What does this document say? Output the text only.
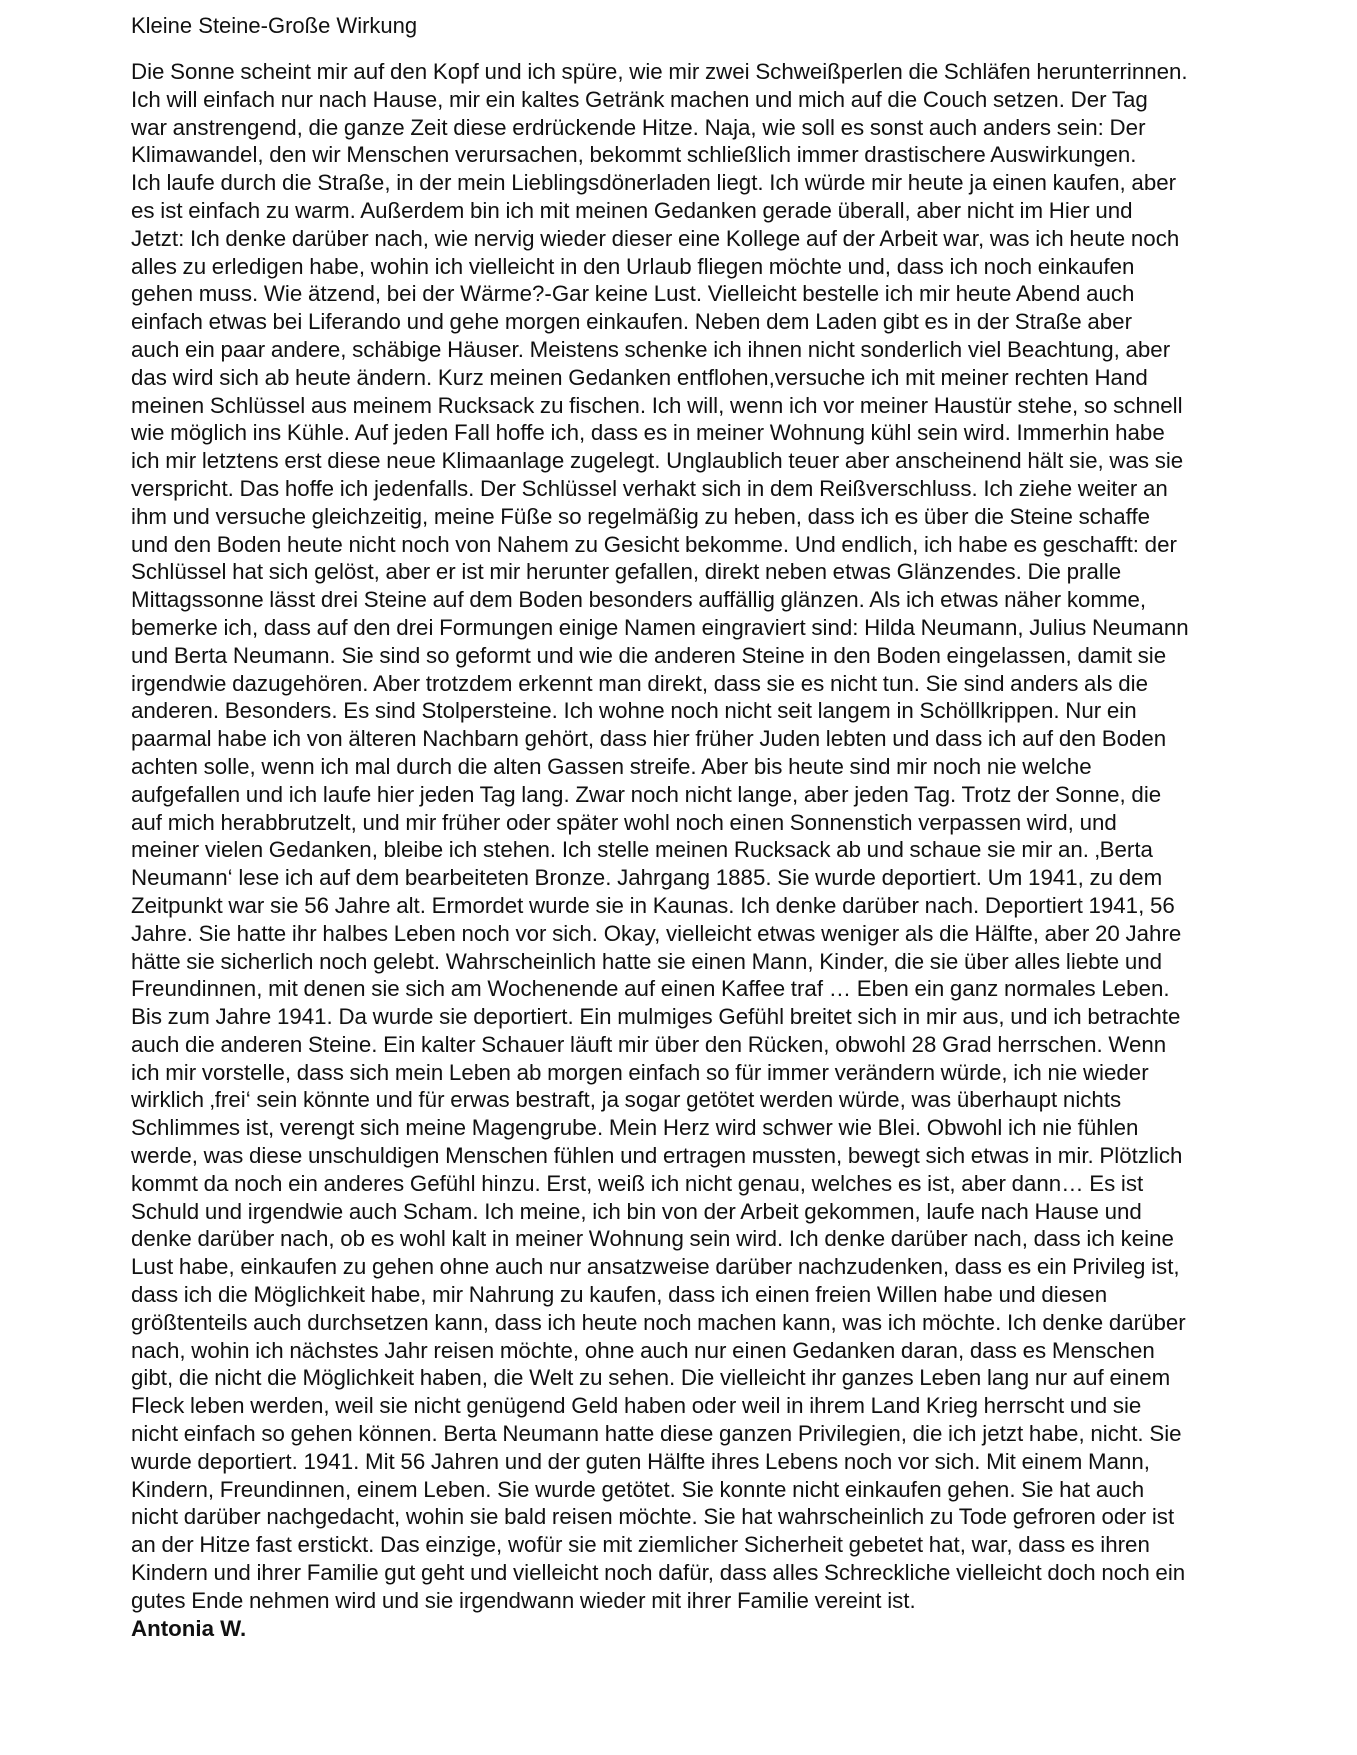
Kleine Steine-Große Wirkung
Die Sonne scheint mir auf den Kopf und ich spüre, wie mir zwei Schweißperlen die Schläfen herunterrinnen.
Ich will einfach nur nach Hause, mir ein kaltes Getränk machen und mich auf die Couch setzen. Der Tag
war anstrengend, die ganze Zeit diese erdrückende Hitze. Naja, wie soll es sonst auch anders sein: Der
Klimawandel, den wir Menschen verursachen, bekommt schließlich immer drastischere Auswirkungen.
Ich laufe durch die Straße, in der mein Lieblingsdönerladen liegt. Ich würde mir heute ja einen kaufen, aber
es ist einfach zu warm. Außerdem bin ich mit meinen Gedanken gerade überall, aber nicht im Hier und
Jetzt: Ich denke darüber nach, wie nervig wieder dieser eine Kollege auf der Arbeit war, was ich heute noch
alles zu erledigen habe, wohin ich vielleicht in den Urlaub fliegen möchte und, dass ich noch einkaufen
gehen muss. Wie ätzend, bei der Wärme?-Gar keine Lust. Vielleicht bestelle ich mir heute Abend auch
einfach etwas bei Liferando und gehe morgen einkaufen. Neben dem Laden gibt es in der Straße aber
auch ein paar andere, schäbige Häuser. Meistens schenke ich ihnen nicht sonderlich viel Beachtung, aber
das wird sich ab heute ändern. Kurz meinen Gedanken entflohen,versuche ich mit meiner rechten Hand
meinen Schlüssel aus meinem Rucksack zu fischen. Ich will, wenn ich vor meiner Haustür stehe, so schnell
wie möglich ins Kühle. Auf jeden Fall hoffe ich, dass es in meiner Wohnung kühl sein wird. Immerhin habe
ich mir letztens erst diese neue Klimaanlage zugelegt. Unglaublich teuer aber anscheinend hält sie, was sie
verspricht. Das hoffe ich jedenfalls. Der Schlüssel verhakt sich in dem Reißverschluss. Ich ziehe weiter an
ihm und versuche gleichzeitig, meine Füße so regelmäßig zu heben, dass ich es über die Steine schaffe
und den Boden heute nicht noch von Nahem zu Gesicht bekomme. Und endlich, ich habe es geschafft: der
Schlüssel hat sich gelöst, aber er ist mir herunter gefallen, direkt neben etwas Glänzendes. Die pralle
Mittagssonne lässt drei Steine auf dem Boden besonders auffällig glänzen. Als ich etwas näher komme,
bemerke ich, dass auf den drei Formungen einige Namen eingraviert sind: Hilda Neumann, Julius Neumann
und Berta Neumann. Sie sind so geformt und wie die anderen Steine in den Boden eingelassen, damit sie
irgendwie dazugehören. Aber trotzdem erkennt man direkt, dass sie es nicht tun. Sie sind anders als die
anderen. Besonders. Es sind Stolpersteine. Ich wohne noch nicht seit langem in Schöllkrippen. Nur ein
paarmal habe ich von älteren Nachbarn gehört, dass hier früher Juden lebten und dass ich auf den Boden
achten solle, wenn ich mal durch die alten Gassen streife. Aber bis heute sind mir noch nie welche
aufgefallen und ich laufe hier jeden Tag lang. Zwar noch nicht lange, aber jeden Tag. Trotz der Sonne, die
auf mich herabbrutzelt, und mir früher oder später wohl noch einen Sonnenstich verpassen wird, und
meiner vielen Gedanken, bleibe ich stehen. Ich stelle meinen Rucksack ab und schaue sie mir an. ‚Berta
Neumann‘ lese ich auf dem bearbeiteten Bronze. Jahrgang 1885. Sie wurde deportiert. Um 1941, zu dem
Zeitpunkt war sie 56 Jahre alt. Ermordet wurde sie in Kaunas. Ich denke darüber nach. Deportiert 1941, 56
Jahre. Sie hatte ihr halbes Leben noch vor sich. Okay, vielleicht etwas weniger als die Hälfte, aber 20 Jahre
hätte sie sicherlich noch gelebt. Wahrscheinlich hatte sie einen Mann, Kinder, die sie über alles liebte und
Freundinnen, mit denen sie sich am Wochenende auf einen Kaffee traf … Eben ein ganz normales Leben.
Bis zum Jahre 1941. Da wurde sie deportiert. Ein mulmiges Gefühl breitet sich in mir aus, und ich betrachte
auch die anderen Steine. Ein kalter Schauer läuft mir über den Rücken, obwohl 28 Grad herrschen. Wenn
ich mir vorstelle, dass sich mein Leben ab morgen einfach so für immer verändern würde, ich nie wieder
wirklich ‚frei‘ sein könnte und für erwas bestraft, ja sogar getötet werden würde, was überhaupt nichts
Schlimmes ist, verengt sich meine Magengrube. Mein Herz wird schwer wie Blei. Obwohl ich nie fühlen
werde, was diese unschuldigen Menschen fühlen und ertragen mussten, bewegt sich etwas in mir. Plötzlich
kommt da noch ein anderes Gefühl hinzu. Erst, weiß ich nicht genau, welches es ist, aber dann… Es ist
Schuld und irgendwie auch Scham. Ich meine, ich bin von der Arbeit gekommen, laufe nach Hause und
denke darüber nach, ob es wohl kalt in meiner Wohnung sein wird. Ich denke darüber nach, dass ich keine
Lust habe, einkaufen zu gehen ohne auch nur ansatzweise darüber nachzudenken, dass es ein Privileg ist,
dass ich die Möglichkeit habe, mir Nahrung zu kaufen, dass ich einen freien Willen habe und diesen
größtenteils auch durchsetzen kann, dass ich heute noch machen kann, was ich möchte. Ich denke darüber
nach, wohin ich nächstes Jahr reisen möchte, ohne auch nur einen Gedanken daran, dass es Menschen
gibt, die nicht die Möglichkeit haben, die Welt zu sehen. Die vielleicht ihr ganzes Leben lang nur auf einem
Fleck leben werden, weil sie nicht genügend Geld haben oder weil in ihrem Land Krieg herrscht und sie
nicht einfach so gehen können. Berta Neumann hatte diese ganzen Privilegien, die ich jetzt habe, nicht. Sie
wurde deportiert. 1941. Mit 56 Jahren und der guten Hälfte ihres Lebens noch vor sich. Mit einem Mann,
Kindern, Freundinnen, einem Leben. Sie wurde getötet. Sie konnte nicht einkaufen gehen. Sie hat auch
nicht darüber nachgedacht, wohin sie bald reisen möchte. Sie hat wahrscheinlich zu Tode gefroren oder ist
an der Hitze fast erstickt. Das einzige, wofür sie mit ziemlicher Sicherheit gebetet hat, war, dass es ihren
Kindern und ihrer Familie gut geht und vielleicht noch dafür, dass alles Schreckliche vielleicht doch noch ein
gutes Ende nehmen wird und sie irgendwann wieder mit ihrer Familie vereint ist.

Antonia W.
